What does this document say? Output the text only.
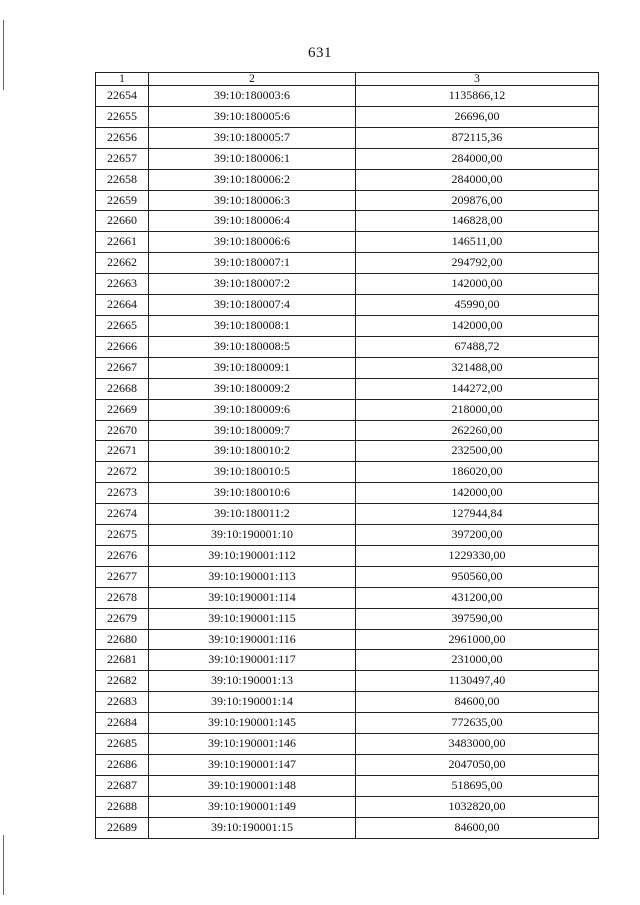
631
1	2	3
22654	39:10:180003:6	1135866,12
22655	39:10:180005:6	26696,00
22656	39:10:180005:7	872115,36
22657	39:10:180006:1	284000,00
22658	39:10:180006:2	284000,00
22659	39:10:180006:3	209876,00
22660	39:10:180006:4	146828,00
22661	39:10:180006:6	146511,00
22662	39:10:180007:1	294792,00
22663	39:10:180007:2	142000,00
22664	39:10:180007:4	45990,00
22665	39:10:180008:1	142000,00
22666	39:10:180008:5	67488,72
22667	39:10:180009:1	321488,00
22668	39:10:180009:2	144272,00
22669	39:10:180009:6	218000,00
22670	39:10:180009:7	262260,00
22671	39:10:180010:2	232500,00
22672	39:10:180010:5	186020,00
22673	39:10:180010:6	142000,00
22674	39:10:180011:2	127944,84
22675	39:10:190001:10	397200,00
22676	39:10:190001:112	1229330,00
22677	39:10:190001:113	950560,00
22678	39:10:190001:114	431200,00
22679	39:10:190001:115	397590,00
22680	39:10:190001:116	2961000,00
22681	39:10:190001:117	231000,00
22682	39:10:190001:13	1130497,40
22683	39:10:190001:14	84600,00
22684	39:10:190001:145	772635,00
22685	39:10:190001:146	3483000,00
22686	39:10:190001:147	2047050,00
22687	39:10:190001:148	518695,00
22688	39:10:190001:149	1032820,00
22689	39:10:190001:15	84600,00
